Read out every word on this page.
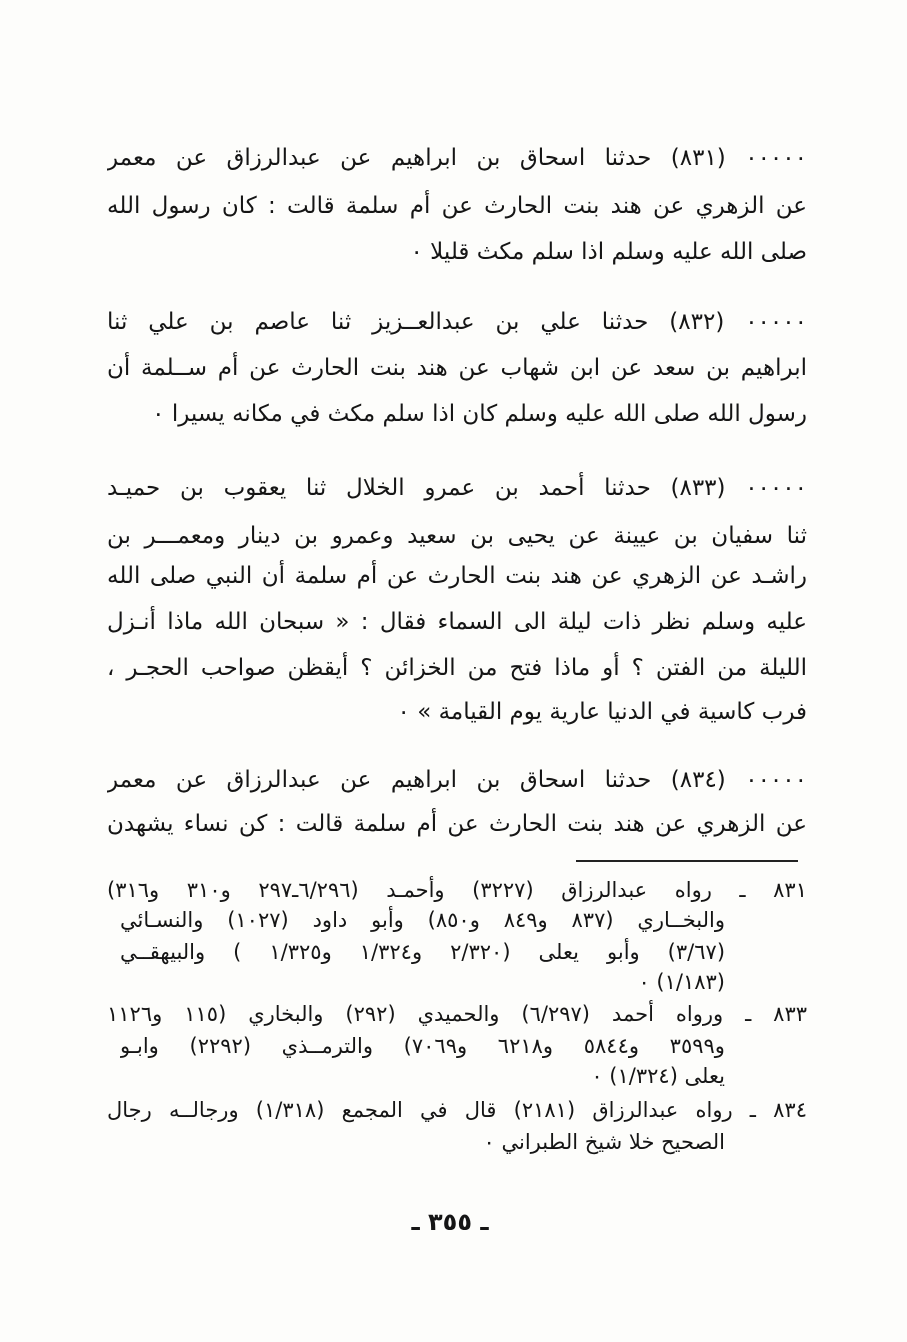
٠٠٠٠٠ (٨٣١) حدثنا اسحاق بن ابراهيم عن عبدالرزاق عن معمر
عن الزهري عن هند بنت الحارث عن أم سلمة قالت : كان رسول الله
صلى الله عليه وسلم اذا سلم مكث قليلا ٠
٠٠٠٠٠ (٨٣٢) حدثنا علي بن عبدالعــزيز ثنا عاصم بن علي ثنا
ابراهيم بن سعد عن ابن شهاب عن هند بنت الحارث عن أم ســلمة أن
رسول الله صلى الله عليه وسلم كان اذا سلم مكث في مكانه يسيرا ٠
٠٠٠٠٠ (٨٣٣) حدثنا أحمد بن عمرو الخلال ثنا يعقوب بن حميـد
ثنا سفيان بن عيينة عن يحيى بن سعيد وعمرو بن دينار ومعمـــر بن
راشـد عن الزهري عن هند بنت الحارث عن أم سلمة أن النبي صلى الله
عليه وسلم نظر ذات ليلة الى السماء فقال : « سبحان الله ماذا أنـزل
الليلة من الفتن ؟ أو ماذا فتح من الخزائن ؟ أيقظن صواحب الحجـر ،
فرب كاسية في الدنيا عارية يوم القيامة » ٠
٠٠٠٠٠ (٨٣٤) حدثنا اسحاق بن ابراهيم عن عبدالرزاق عن معمر
عن الزهري عن هند بنت الحارث عن أم سلمة قالت : كن نساء يشهدن
٨٣١ ـ رواه عبدالرزاق (٣٢٢٧) وأحمـد (٦/٢٩٦ـ٢٩٧ و٣١٠ و٣١٦)
والبخــاري (٨٣٧ و٨٤٩ و٨٥٠) وأبو داود (١٠٢٧) والنسـائي
(٣/٦٧) وأبو يعلى (٢/٣٢٠ و١/٣٢٤ و١/٣٢٥ ) والبيهقــي
(١/١٨٣) ٠
٨٣٣ ـ ورواه أحمد (٦/٢٩٧) والحميدي (٢٩٢) والبخاري (١١٥ و١١٢٦
و٣٥٩٩ و٥٨٤٤ و٦٢١٨ و٧٠٦٩) والترمــذي (٢٢٩٢) وابـو
يعلى (١/٣٢٤) ٠
٨٣٤ ـ رواه عبدالرزاق (٢١٨١) قال في المجمع (١/٣١٨) ورجالــه رجال
الصحيح خلا شيخ الطبراني ٠
ـ ٣٥٥ ـ
